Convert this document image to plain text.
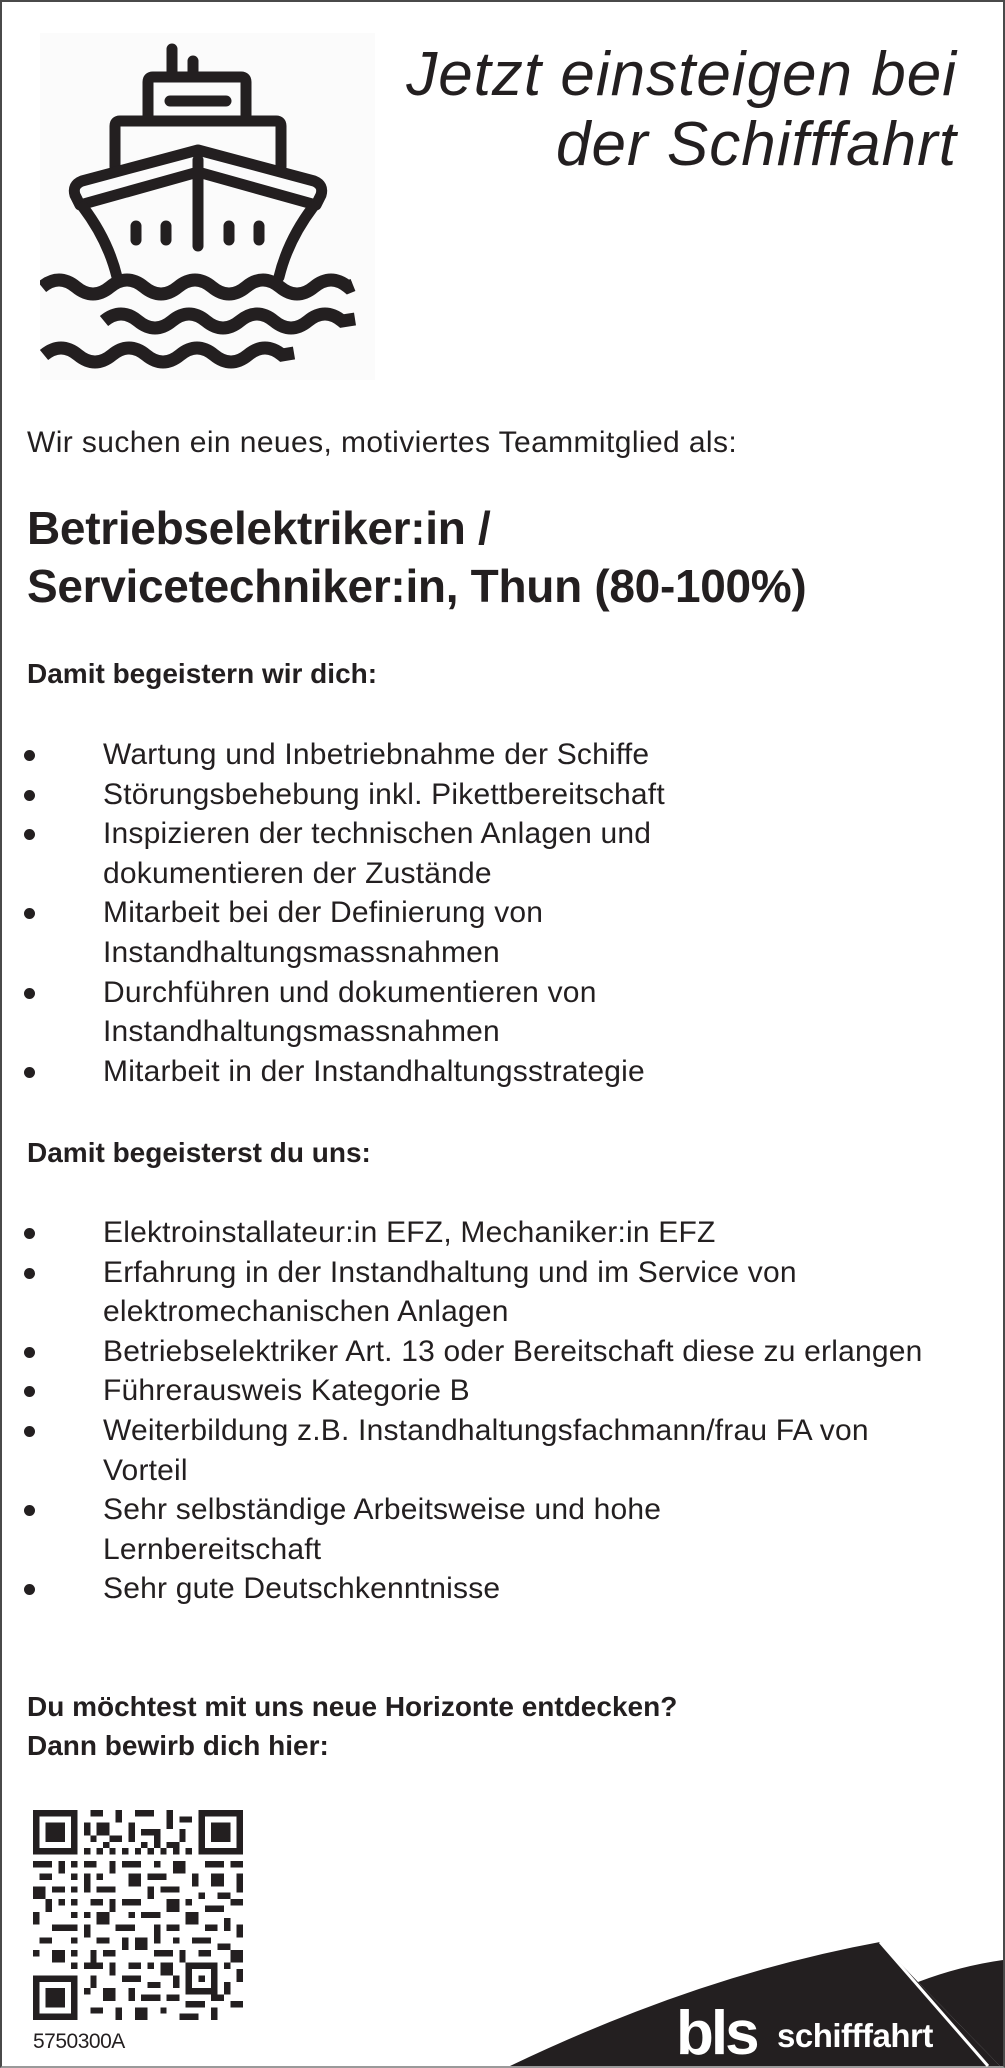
Jetzt einsteigen bei
der Schifffahrt
Wir suchen ein neues, motiviertes Teammitglied als:
Betriebselektriker:in /
Servicetechniker:in, Thun (80-100%)
Damit begeistern wir dich:
Wartung und Inbetriebnahme der Schiffe
Störungsbehebung inkl. Pikettbereitschaft
Inspizieren der technischen Anlagen und dokumentieren der Zustände
Mitarbeit bei der Definierung von Instandhaltungsmassnahmen
Durchführen und dokumentieren von Instandhaltungsmassnahmen
Mitarbeit in der Instandhaltungsstrategie
Damit begeisterst du uns:
Elektroinstallateur:in EFZ, Mechaniker:in EFZ
Erfahrung in der Instandhaltung und im Service von elektromechanischen Anlagen
Betriebselektriker Art. 13 oder Bereitschaft diese zu erlangen
Führerausweis Kategorie B
Weiterbildung z.B. Instandhaltungsfachmann/frau FA von Vorteil
Sehr selbständige Arbeitsweise und hohe Lernbereitschaft
Sehr gute Deutschkenntnisse
Du möchtest mit uns neue Horizonte entdecken?
Dann bewirb dich hier:
5750300A	bls schifffahrt
